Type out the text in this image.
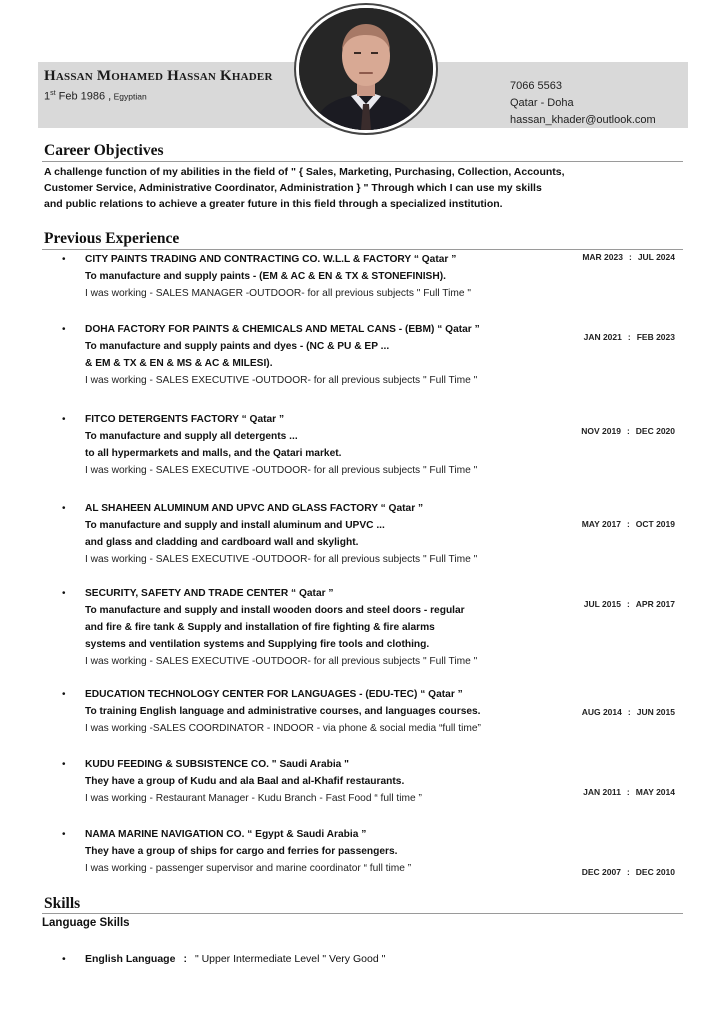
Hassan Mohamed Hassan Khader
1st Feb 1986 , Egyptian
7066 5563
Qatar - Doha
hassan_khader@outlook.com
Career Objectives
A challenge function of my abilities in the field of " { Sales, Marketing, Purchasing, Collection, Accounts,
Customer Service, Administrative Coordinator, Administration } " Through which I can use my skills
and public relations to achieve a greater future in this field through a specialized institution.
Previous Experience
• CITY PAINTS TRADING AND CONTRACTING CO. W.L.L & FACTORY “ Qatar ”
To manufacture and supply paints - (EM & AC & EN & TX & STONEFINISH).
I was working - SALES MANAGER -OUTDOOR- for all previous subjects " Full Time "
MAR 2023 : JUL 2024
• DOHA FACTORY FOR PAINTS & CHEMICALS AND METAL CANS - (EBM) “ Qatar ”
To manufacture and supply paints and dyes - (NC & PU & EP ...
& EM & TX & EN & MS & AC & MILESI).
I was working - SALES EXECUTIVE -OUTDOOR- for all previous subjects " Full Time "
JAN 2021 : FEB 2023
• FITCO DETERGENTS FACTORY “ Qatar ”
To manufacture and supply all detergents ...
to all hypermarkets and malls, and the Qatari market.
I was working - SALES EXECUTIVE -OUTDOOR- for all previous subjects " Full Time "
NOV 2019 : DEC 2020
• AL SHAHEEN ALUMINUM AND UPVC AND GLASS FACTORY “ Qatar ”
To manufacture and supply and install aluminum and UPVC ...
and glass and cladding and cardboard wall and skylight.
I was working - SALES EXECUTIVE -OUTDOOR- for all previous subjects " Full Time "
MAY 2017 : OCT 2019
• SECURITY, SAFETY AND TRADE CENTER “ Qatar ”
To manufacture and supply and install wooden doors and steel doors - regular
and fire & fire tank & Supply and installation of fire fighting & fire alarms
systems and ventilation systems and Supplying fire tools and clothing.
I was working - SALES EXECUTIVE -OUTDOOR- for all previous subjects " Full Time "
JUL 2015 : APR 2017
• EDUCATION TECHNOLOGY CENTER FOR LANGUAGES - (EDU-TEC) “ Qatar ”
To training English language and administrative courses, and languages courses.
I was working -SALES COORDINATOR - INDOOR - via phone & social media “full time”
AUG 2014 : JUN 2015
• KUDU FEEDING & SUBSISTENCE CO. " Saudi Arabia "
They have a group of Kudu and ala Baal and al-Khafif restaurants.
I was working - Restaurant Manager - Kudu Branch - Fast Food “ full time ”
JAN 2011 : MAY 2014
• NAMA MARINE NAVIGATION CO. “ Egypt & Saudi Arabia ”
They have a group of ships for cargo and ferries for passengers.
I was working - passenger supervisor and marine coordinator “ full time ”	DEC 2007 : DEC 2010
Skills
Language Skills
• English Language : " Upper Intermediate Level " Very Good "
